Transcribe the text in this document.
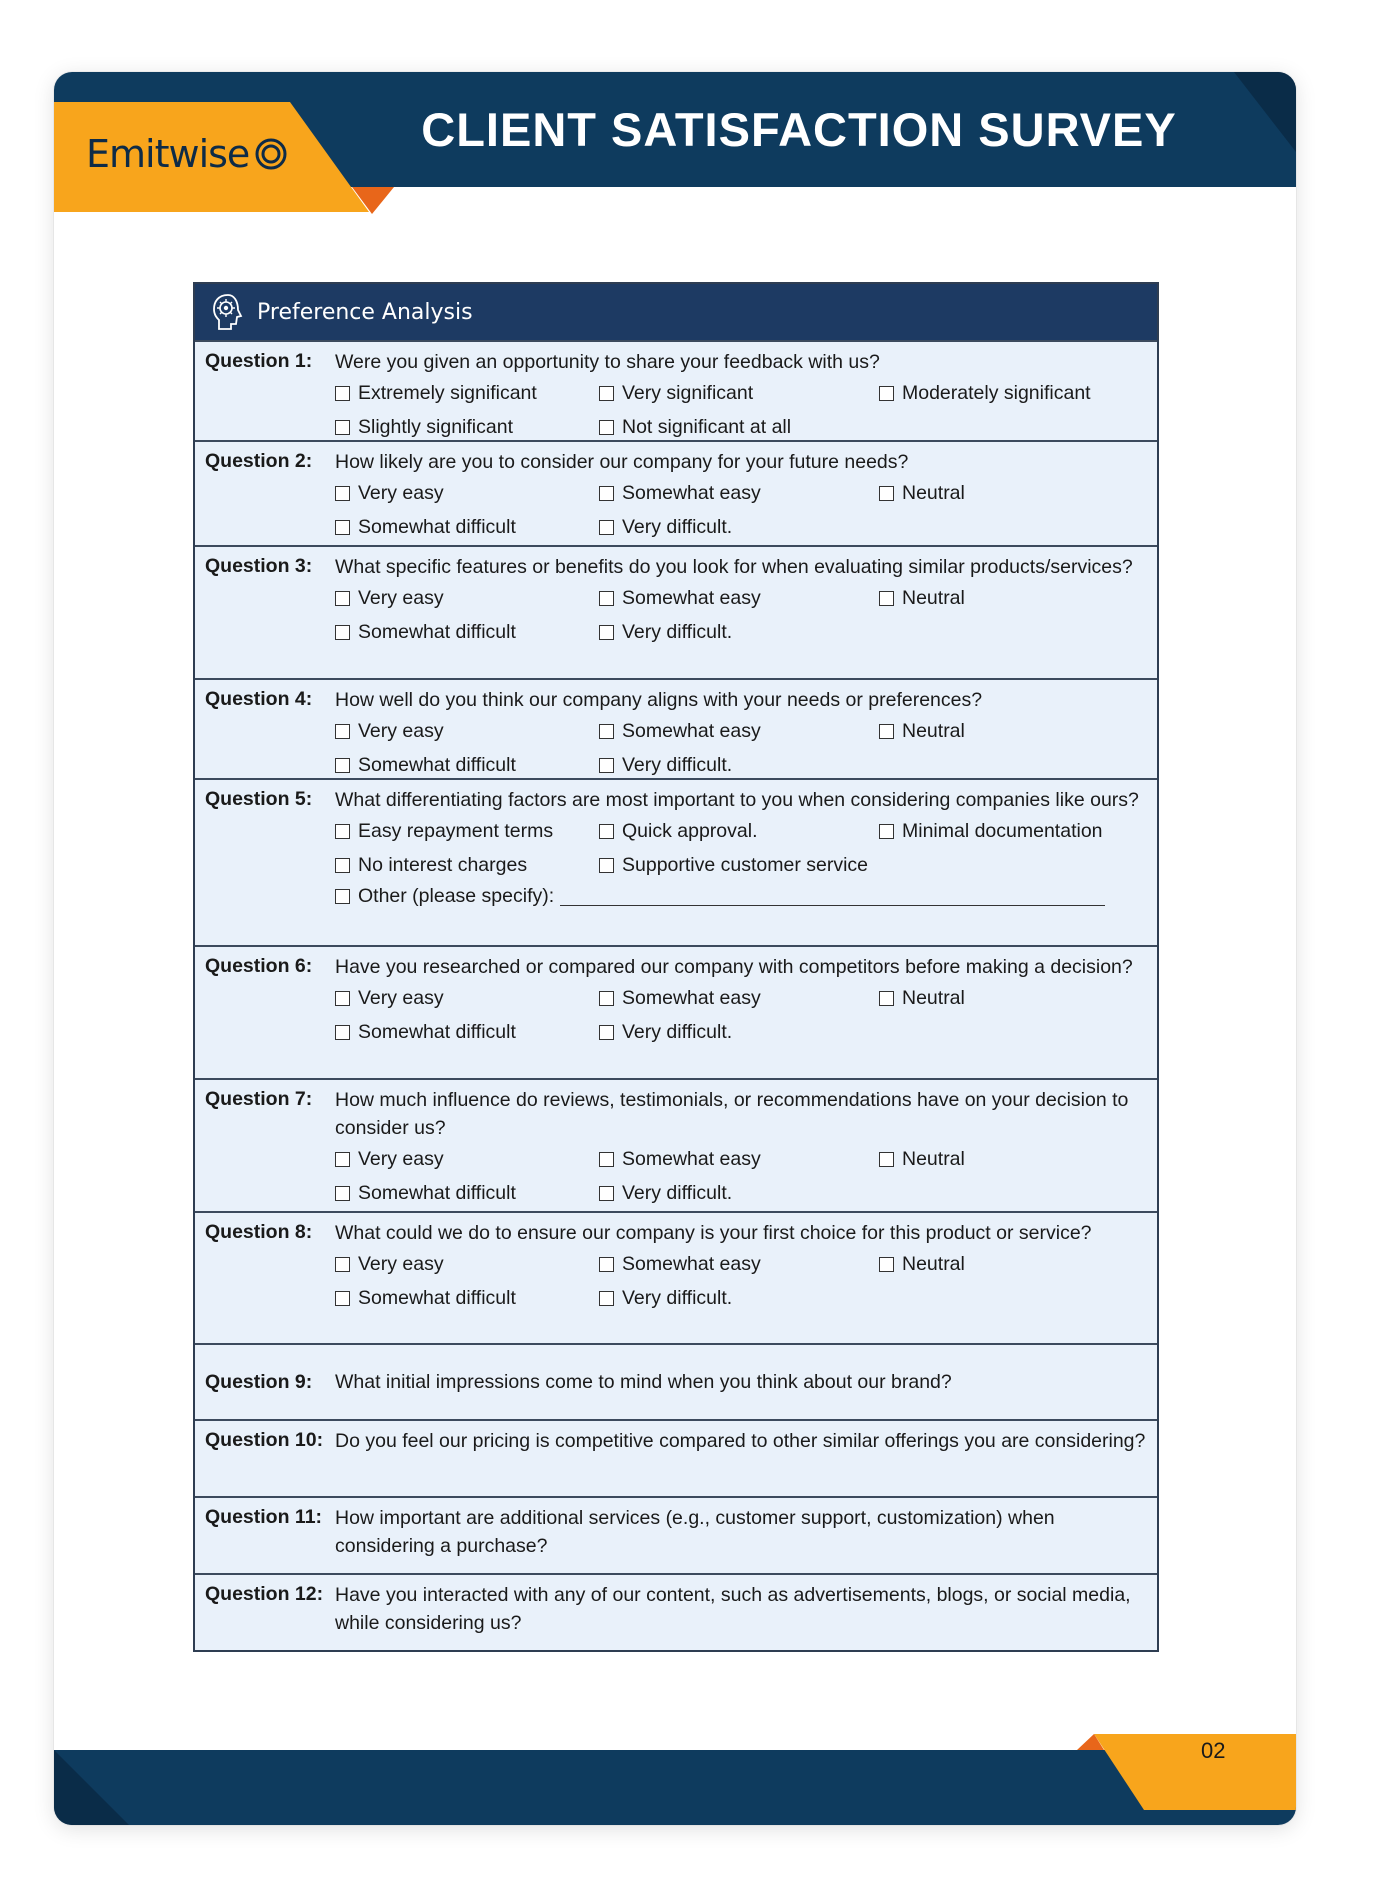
Emitwise	CLIENT SATISFACTION SURVEY
Preference Analysis
Question 1:	Were you given an opportunity to share your feedback with us?
Extremely significant	Very significant	Moderately significant
Slightly significant	Not significant at all
Question 2:	How likely are you to consider our company for your future needs?
Very easy	Somewhat easy	Neutral
Somewhat difficult	Very difficult.
Question 3:	What specific features or benefits do you look for when evaluating similar products/services?
Very easy	Somewhat easy	Neutral
Somewhat difficult	Very difficult.
Question 4:	How well do you think our company aligns with your needs or preferences?
Very easy	Somewhat easy	Neutral
Somewhat difficult	Very difficult.
Question 5:	What differentiating factors are most important to you when considering companies like ours?
Easy repayment terms	Quick approval.	Minimal documentation
No interest charges	Supportive customer service
Other (please specify):
Question 6:	Have you researched or compared our company with competitors before making a decision?
Very easy	Somewhat easy	Neutral
Somewhat difficult	Very difficult.
Question 7:	How much influence do reviews, testimonials, or recommendations have on your decision to consider us?
Very easy	Somewhat easy	Neutral
Somewhat difficult	Very difficult.
Question 8:	What could we do to ensure our company is your first choice for this product or service?
Very easy	Somewhat easy	Neutral
Somewhat difficult	Very difficult.
Question 9:	What initial impressions come to mind when you think about our brand?
Question 10: Do you feel our pricing is competitive compared to other similar offerings you are considering?
Question 11: How important are additional services (e.g., customer support, customization) when considering a purchase?
Question 12: Have you interacted with any of our content, such as advertisements, blogs, or social media, while considering us?
02
